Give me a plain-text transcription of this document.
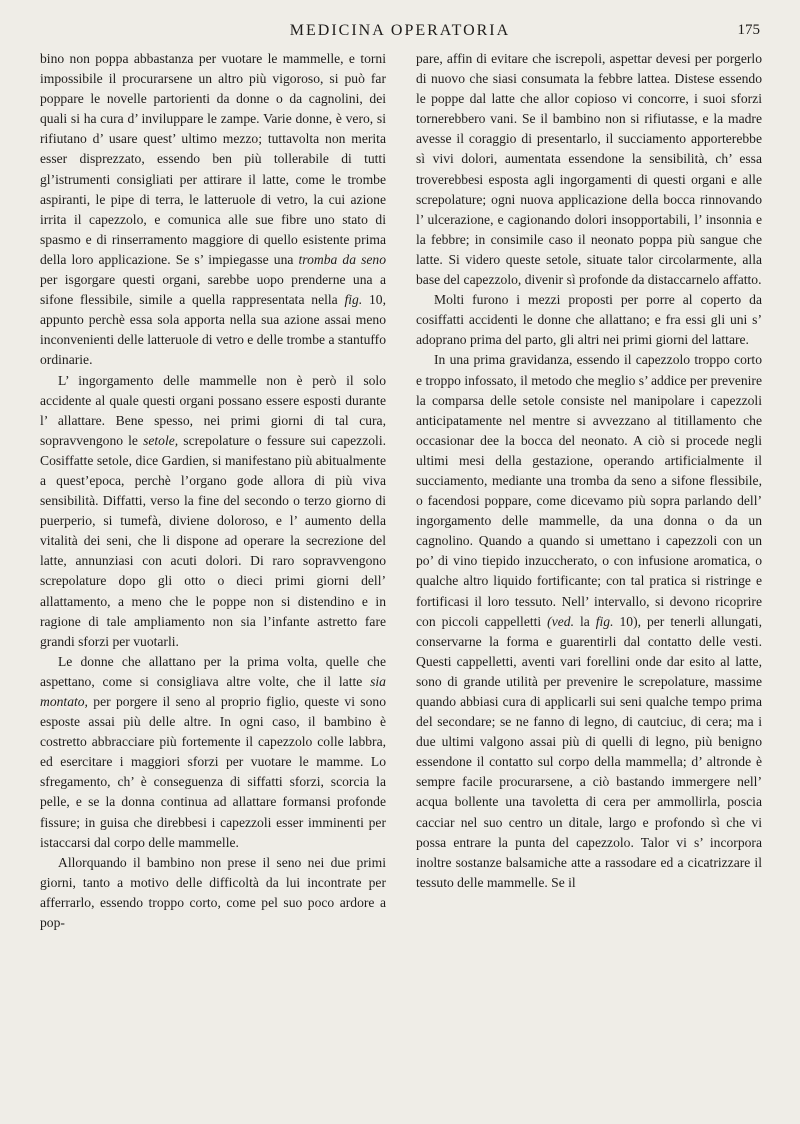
MEDICINA OPERATORIA	175

bino non poppa abbastanza per vuotare le mammelle, e torni impossibile il procurarsene un altro più vigoroso, si può far poppare le novelle partorienti da donne o da cagnolini, dei quali si ha cura d’ inviluppare le zampe. Varie donne, è vero, si rifiutano d’ usare quest’ ultimo mezzo; tuttavolta non merita esser disprezzato, essendo ben più tollerabile di tutti gl’istrumenti consigliati per attirare il latte, come le trombe aspiranti, le pipe di terra, le latteruole di vetro, la cui azione irrita il capezzolo, e comunica alle sue fibre uno stato di spasmo e di rinserramento maggiore di quello esistente prima della loro applicazione. Se s’ impiegasse una tromba da seno per isgorgare questi organi, sarebbe uopo prenderne una a sifone flessibile, simile a quella rappresentata nella fig. 10, appunto perchè essa sola apporta nella sua azione assai meno inconvenienti delle latteruole di vetro e delle trombe a stantuffo ordinarie.

L’ ingorgamento delle mammelle non è però il solo accidente al quale questi organi possano essere esposti durante l’ allattare. Bene spesso, nei primi giorni di tal cura, sopravvengono le setole, screpolature o fessure sui capezzoli. Cosiffatte setole, dice Gardien, si manifestano più abitualmente a quest’epoca, perchè l’organo gode allora di più viva sensibilità. Diffatti, verso la fine del secondo o terzo giorno di puerperio, si tumefà, diviene doloroso, e l’ aumento della vitalità dei seni, che li dispone ad operare la secrezione del latte, annunziasi con acuti dolori. Di raro sopravvengono screpolature dopo gli otto o dieci primi giorni dell’ allattamento, a meno che le poppe non si distendino e in ragione di tale ampliamento non sia l’infante astretto fare grandi sforzi per vuotarli.

Le donne che allattano per la prima volta, quelle che aspettano, come si consigliava altre volte, che il latte sia montato, per porgere il seno al proprio figlio, queste vi sono esposte assai più delle altre. In ogni caso, il bambino è costretto abbracciare più fortemente il capezzolo colle labbra, ed esercitare i maggiori sforzi per vuotare le mamme. Lo sfregamento, ch’ è conseguenza di siffatti sforzi, scorcia la pelle, e se la donna continua ad allattare formansi profonde fissure; in guisa che direbbesi i capezzoli esser imminenti per istaccarsi dal corpo delle mammelle.

Allorquando il bambino non prese il seno nei due primi giorni, tanto a motivo delle difficoltà da lui incontrate per afferrarlo, essendo troppo corto, come pel suo poco ardore a pop-

pare, affin di evitare che iscrepoli, aspettar devesi per porgerlo di nuovo che siasi consumata la febbre lattea. Distese essendo le poppe dal latte che allor copioso vi concorre, i suoi sforzi tornerebbero vani. Se il bambino non si rifiutasse, e la madre avesse il coraggio di presentarlo, il succiamento apporterebbe sì vivi dolori, aumentata essendone la sensibilità, ch’ essa troverebbesi esposta agli ingorgamenti di questi organi e alle screpolature; ogni nuova applicazione della bocca rinnovando l’ ulcerazione, e cagionando dolori insopportabili, l’ insonnia e la febbre; in consimile caso il neonato poppa più sangue che latte. Si videro queste setole, situate talor circolarmente, alla base del capezzolo, divenir sì profonde da distaccarnelo affatto.

Molti furono i mezzi proposti per porre al coperto da cosiffatti accidenti le donne che allattano; e fra essi gli uni s’ adoprano prima del parto, gli altri nei primi giorni del lattare.

In una prima gravidanza, essendo il capezzolo troppo corto e troppo infossato, il metodo che meglio s’ addice per prevenire la comparsa delle setole consiste nel manipolare i capezzoli anticipatamente nel mentre si avvezzano al titillamento che occasionar dee la bocca del neonato. A ciò si procede negli ultimi mesi della gestazione, operando artificialmente il succiamento, mediante una tromba da seno a sifone flessibile, o facendosi poppare, come dicevamo più sopra parlando dell’ ingorgamento delle mammelle, da una donna o da un cagnolino. Quando a quando si umettano i capezzoli con un po’ di vino tiepido inzuccherato, o con infusione aromatica, o qualche altro liquido fortificante; con tal pratica si ristringe e fortificasi il loro tessuto. Nell’ intervallo, si devono ricoprire con piccoli cappelletti (ved. la fig. 10), per tenerli allungati, conservarne la forma e guarentirli dal contatto delle vesti. Questi cappelletti, aventi vari forellini onde dar esito al latte, sono di grande utilità per prevenire le screpolature, massime quando abbiasi cura di applicarli sui seni qualche tempo prima del secondare; se ne fanno di legno, di cautciuc, di cera; ma i due ultimi valgono assai più di quelli di legno, più benigno essendone il contatto sul corpo della mammella; d’ altronde è sempre facile procurarsene, a ciò bastando immergere nell’ acqua bollente una tavoletta di cera per ammollirla, poscia cacciar nel suo centro un ditale, largo e profondo sì che vi possa entrare la punta del capezzolo. Talor vi s’ incorpora inoltre sostanze balsamiche atte a rassodare ed a cicatrizzare il tessuto delle mammelle. Se il
